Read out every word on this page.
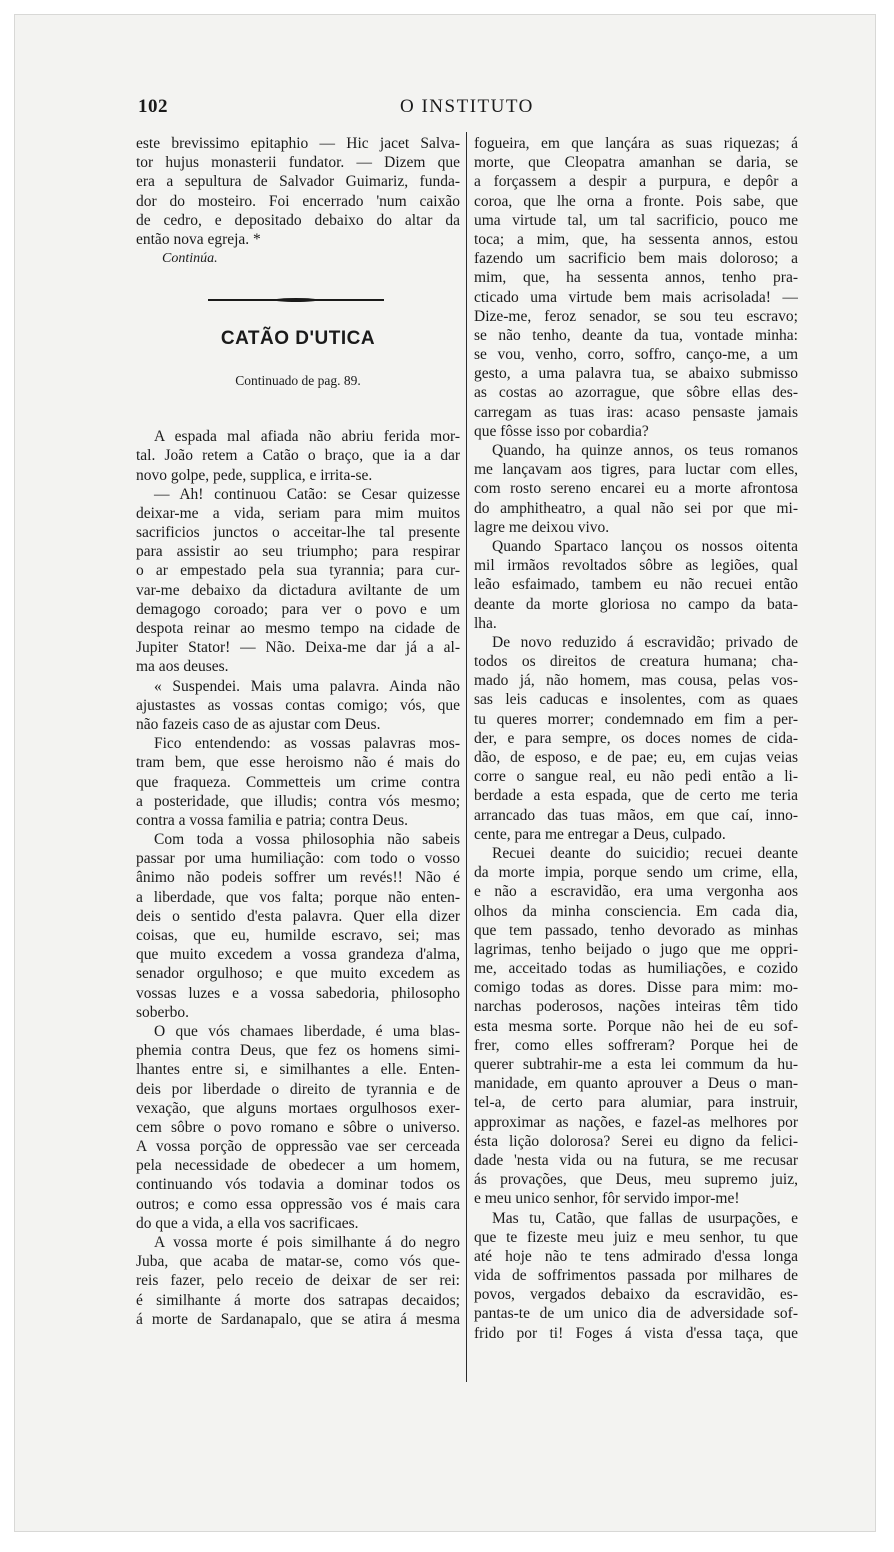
102	O INSTITUTO
este brevissimo epitaphio — Hic jacet Salva-
tor hujus monasterii fundator. — Dizem que
era a sepultura de Salvador Guimariz, funda-
dor do mosteiro. Foi encerrado 'num caixão
de cedro, e depositado debaixo do altar da
então nova egreja. *
Continúa.
CATÃO D'UTICA
Continuado de pag. 89.
A espada mal afiada não abriu ferida mor-
tal. João retem a Catão o braço, que ia a dar
novo golpe, pede, supplica, e irrita-se.
— Ah! continuou Catão: se Cesar quizesse
deixar-me a vida, seriam para mim muitos
sacrificios junctos o acceitar-lhe tal presente
para assistir ao seu triumpho; para respirar
o ar empestado pela sua tyrannia; para cur-
var-me debaixo da dictadura aviltante de um
demagogo coroado; para ver o povo e um
despota reinar ao mesmo tempo na cidade de
Jupiter Stator! — Não. Deixa-me dar já a al-
ma aos deuses.
« Suspendei. Mais uma palavra. Ainda não
ajustastes as vossas contas comigo; vós, que
não fazeis caso de as ajustar com Deus.
Fico entendendo: as vossas palavras mos-
tram bem, que esse heroismo não é mais do
que fraqueza. Commetteis um crime contra
a posteridade, que illudis; contra vós mesmo;
contra a vossa familia e patria; contra Deus.
Com toda a vossa philosophia não sabeis
passar por uma humiliação: com todo o vosso
ânimo não podeis soffrer um revés!! Não é
a liberdade, que vos falta; porque não enten-
deis o sentido d'esta palavra. Quer ella dizer
coisas, que eu, humilde escravo, sei; mas
que muito excedem a vossa grandeza d'alma,
senador orgulhoso; e que muito excedem as
vossas luzes e a vossa sabedoria, philosopho
soberbo.
O que vós chamaes liberdade, é uma blas-
phemia contra Deus, que fez os homens simi-
lhantes entre si, e similhantes a elle. Enten-
deis por liberdade o direito de tyrannia e de
vexação, que alguns mortaes orgulhosos exer-
cem sôbre o povo romano e sôbre o universo.
A vossa porção de oppressão vae ser cerceada
pela necessidade de obedecer a um homem,
continuando vós todavia a dominar todos os
outros; e como essa oppressão vos é mais cara
do que a vida, a ella vos sacrificaes.
A vossa morte é pois similhante á do negro
Juba, que acaba de matar-se, como vós que-
reis fazer, pelo receio de deixar de ser rei:
é similhante á morte dos satrapas decaidos;
á morte de Sardanapalo, que se atira á mesma
fogueira, em que lançára as suas riquezas; á
morte, que Cleopatra amanhan se daria, se
a forçassem a despir a purpura, e depôr a
coroa, que lhe orna a fronte. Pois sabe, que
uma virtude tal, um tal sacrificio, pouco me
toca; a mim, que, ha sessenta annos, estou
fazendo um sacrificio bem mais doloroso; a
mim, que, ha sessenta annos, tenho pra-
cticado uma virtude bem mais acrisolada! —
Dize-me, feroz senador, se sou teu escravo;
se não tenho, deante da tua, vontade minha:
se vou, venho, corro, soffro, canço-me, a um
gesto, a uma palavra tua, se abaixo submisso
as costas ao azorrague, que sôbre ellas des-
carregam as tuas iras: acaso pensaste jamais
que fôsse isso por cobardia?
Quando, ha quinze annos, os teus romanos
me lançavam aos tigres, para luctar com elles,
com rosto sereno encarei eu a morte afrontosa
do amphitheatro, a qual não sei por que mi-
lagre me deixou vivo.
Quando Spartaco lançou os nossos oitenta
mil irmãos revoltados sôbre as legiões, qual
leão esfaimado, tambem eu não recuei então
deante da morte gloriosa no campo da bata-
lha.
De novo reduzido á escravidão; privado de
todos os direitos de creatura humana; cha-
mado já, não homem, mas cousa, pelas vos-
sas leis caducas e insolentes, com as quaes
tu queres morrer; condemnado em fim a per-
der, e para sempre, os doces nomes de cida-
dão, de esposo, e de pae; eu, em cujas veias
corre o sangue real, eu não pedi então a li-
berdade a esta espada, que de certo me teria
arrancado das tuas mãos, em que caí, inno-
cente, para me entregar a Deus, culpado.
Recuei deante do suicidio; recuei deante
da morte impia, porque sendo um crime, ella,
e não a escravidão, era uma vergonha aos
olhos da minha consciencia. Em cada dia,
que tem passado, tenho devorado as minhas
lagrimas, tenho beijado o jugo que me oppri-
me, acceitado todas as humiliações, e cozido
comigo todas as dores. Disse para mim: mo-
narchas poderosos, nações inteiras têm tido
esta mesma sorte. Porque não hei de eu sof-
frer, como elles soffreram? Porque hei de
querer subtrahir-me a esta lei commum da hu-
manidade, em quanto aprouver a Deus o man-
tel-a, de certo para alumiar, para instruir,
approximar as nações, e fazel-as melhores por
ésta lição dolorosa? Serei eu digno da felici-
dade 'nesta vida ou na futura, se me recusar
ás provações, que Deus, meu supremo juiz,
e meu unico senhor, fôr servido impor-me!
Mas tu, Catão, que fallas de usurpações, e
que te fizeste meu juiz e meu senhor, tu que
até hoje não te tens admirado d'essa longa
vida de soffrimentos passada por milhares de
povos, vergados debaixo da escravidão, es-
pantas-te de um unico dia de adversidade sof-
frido por ti! Foges á vista d'essa taça, que
